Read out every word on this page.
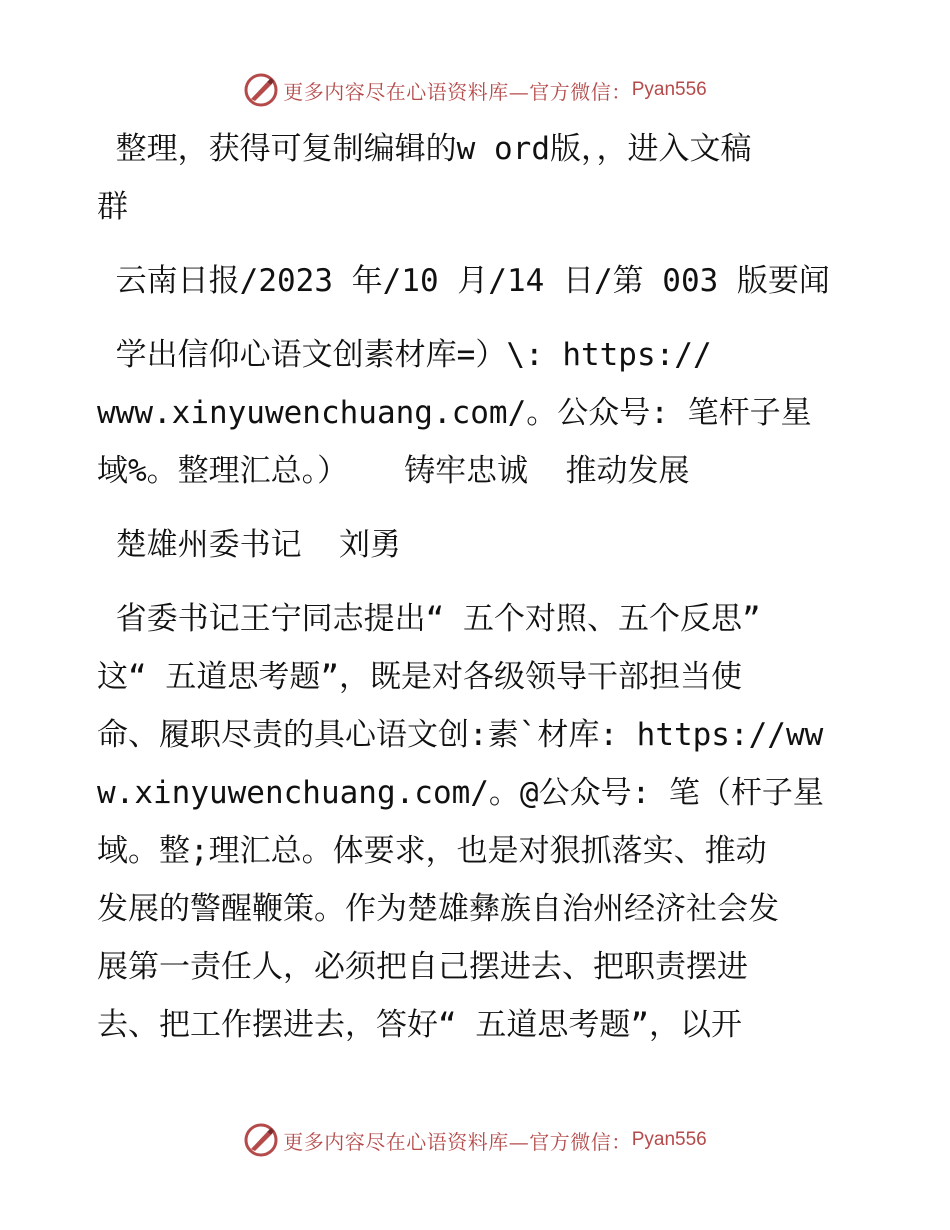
更多内容尽在心语资料库—官方微信： Pyan556
整理，获得可复制编辑的w ord版，，进入文稿
群
云南日报/2023 年/10 月/14 日/第 003 版要闻
学出信仰心语文创素材库=）\: https://
www.xinyuwenchuang.com/。公众号: 笔杆子星
域%。整理汇总。）   铸牢忠诚  推动发展
楚雄州委书记  刘勇
省委书记王宁同志提出“ 五个对照、五个反思”
这“ 五道思考题”，既是对各级领导干部担当使
命、履职尽责的具心语文创:素`材库: https://ww
w.xinyuwenchuang.com/。@公众号: 笔（杆子星
域。整;理汇总。体要求，也是对狠抓落实、推动
发展的警醒鞭策。作为楚雄彝族自治州经济社会发
展第一责任人，必须把自己摆进去、把职责摆进
去、把工作摆进去，答好“ 五道思考题”，以开
更多内容尽在心语资料库—官方微信： Pyan556
